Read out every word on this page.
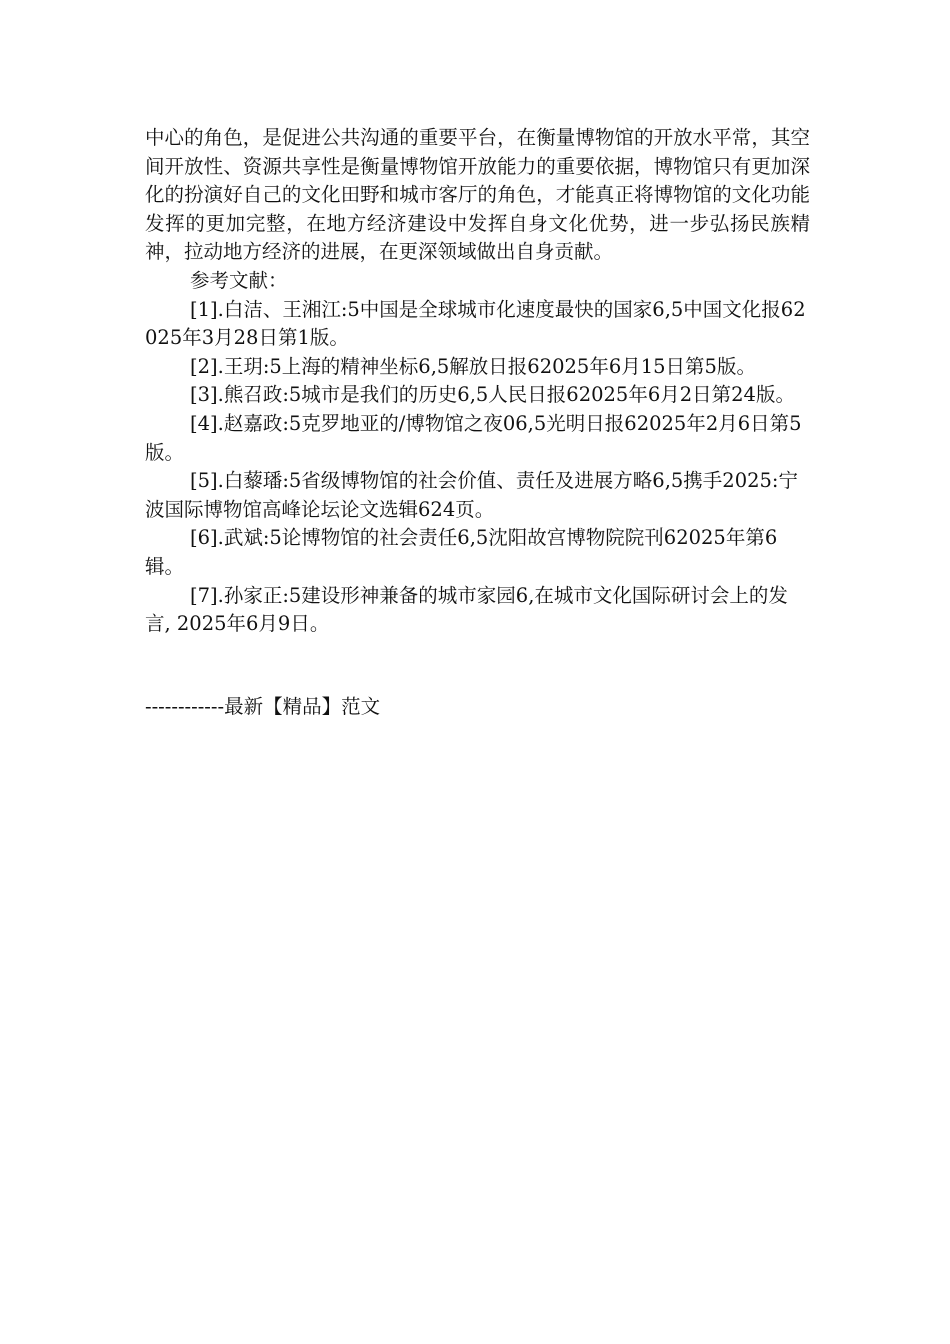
中心的角色，是促进公共沟通的重要平台，在衡量博物馆的开放水平常，其空间开放性、资源共享性是衡量博物馆开放能力的重要依据，博物馆只有更加深化的扮演好自己的文化田野和城市客厅的角色，才能真正将博物馆的文化功能发挥的更加完整，在地方经济建设中发挥自身文化优势，进一步弘扬民族精神，拉动地方经济的进展，在更深领域做出自身贡献。

参考文献：

[1].白洁、王湘江:5中国是全球城市化速度最快的国家6,5中国文化报62025年3月28日第1版。

[2].王玥:5上海的精神坐标6,5解放日报62025年6月15日第5版。

[3].熊召政:5城市是我们的历史6,5人民日报62025年6月2日第24版。

[4].赵嘉政:5克罗地亚的/博物馆之夜06,5光明日报62025年2月6日第5版。

[5].白藜璠:5省级博物馆的社会价值、责任及进展方略6,5携手2025:宁波国际博物馆高峰论坛论文选辑624页。

[6].武斌:5论博物馆的社会责任6,5沈阳故宫博物院院刊62025年第6辑。

[7].孙家正:5建设形神兼备的城市家园6,在城市文化国际研讨会上的发言, 2025年6月9日。

------------最新【精品】范文
